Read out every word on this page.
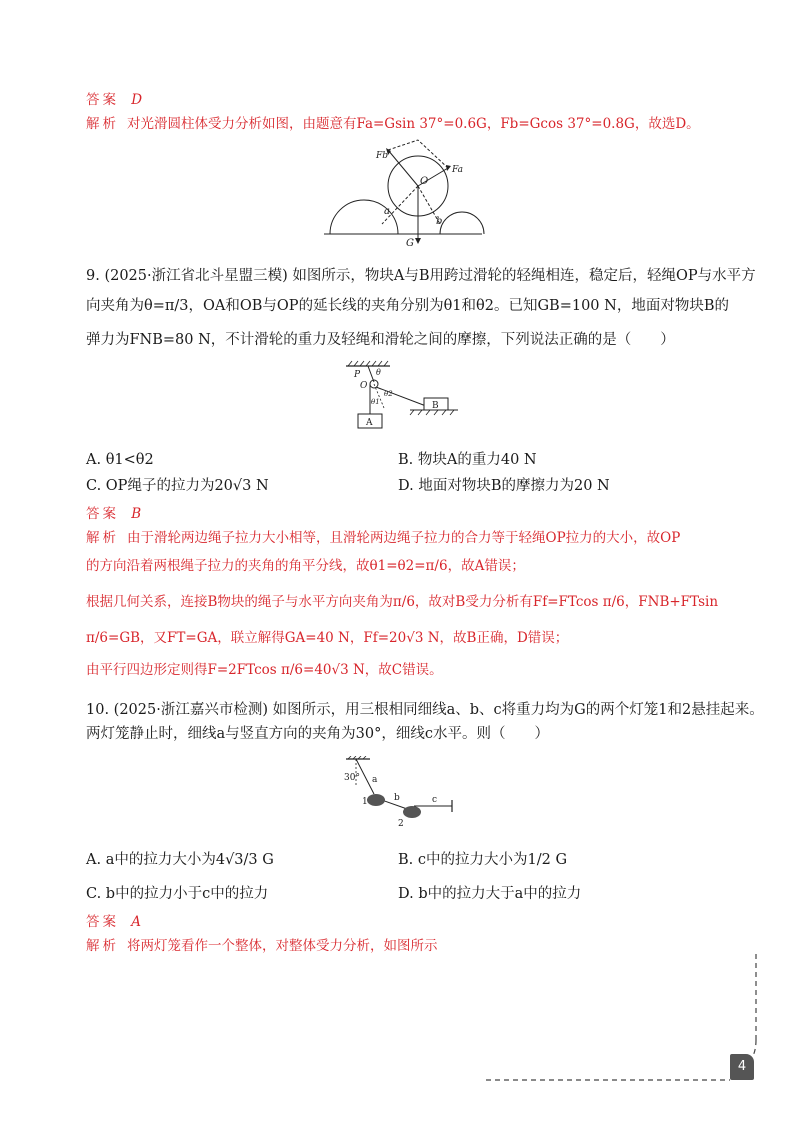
答案 D
解析 对光滑圆柱体受力分析如图，由题意有Fa=Gsin 37°=0.6G，Fb=Gcos 37°=0.8G，故选D。
Fb
Fa
O
a
b
G
9. (2025·浙江省北斗星盟三模) 如图所示，物块A与B用跨过滑轮的轻绳相连，稳定后，轻绳OP与水平方
向夹角为θ=π/3，OA和OB与OP的延长线的夹角分别为θ1和θ2。已知GB=100 N，地面对物块B的
弹力为FNB=80 N，不计滑轮的重力及轻绳和滑轮之间的摩擦，下列说法正确的是（　　）
P θ
O
θ1
θ2
A
B
A. θ1<θ2	B. 物块A的重力40 N
C. OP绳子的拉力为20√3 N	D. 地面对物块B的摩擦力为20 N
答案 B
解析 由于滑轮两边绳子拉力大小相等，且滑轮两边绳子拉力的合力等于轻绳OP拉力的大小，故OP
的方向沿着两根绳子拉力的夹角的角平分线，故θ1=θ2=π/6，故A错误；
根据几何关系，连接B物块的绳子与水平方向夹角为π/6，故对B受力分析有Ff=FTcos π/6，FNB+FTsin
π/6=GB，又FT=GA，联立解得GA=40 N，Ff=20√3 N，故B正确，D错误；
由平行四边形定则得F=2FTcos π/6=40√3 N，故C错误。
10. (2025·浙江嘉兴市检测) 如图所示，用三根相同细线a、b、c将重力均为G的两个灯笼1和2悬挂起来。
两灯笼静止时，细线a与竖直方向的夹角为30°，细线c水平。则（　　）
30° a
b	c
1
2
A. a中的拉力大小为4√3/3 G	B. c中的拉力大小为1/2 G
C. b中的拉力小于c中的拉力	D. b中的拉力大于a中的拉力
答案 A
解析 将两灯笼看作一个整体，对整体受力分析，如图所示
4
